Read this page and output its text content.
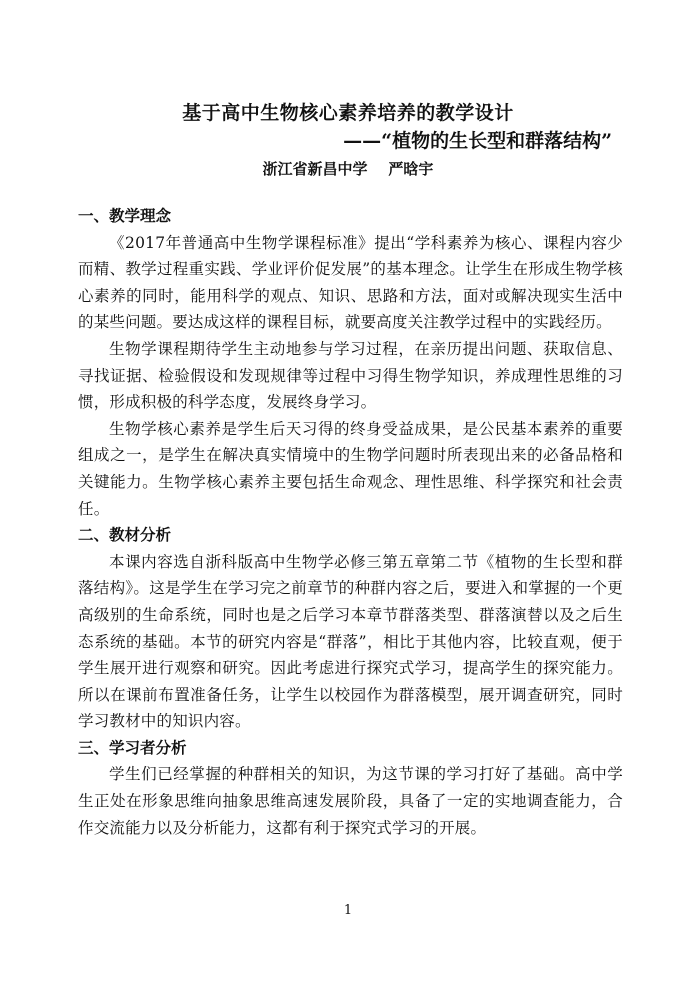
基于高中生物核心素养培养的教学设计
——“植物的生长型和群落结构”

浙江省新昌中学    严晗宇

一、教学理念

《2017年普通高中生物学课程标准》提出“学科素养为核心、课程内容少而精、教学过程重实践、学业评价促发展”的基本理念。让学生在形成生物学核心素养的同时，能用科学的观点、知识、思路和方法，面对或解决现实生活中的某些问题。要达成这样的课程目标，就要高度关注教学过程中的实践经历。

生物学课程期待学生主动地参与学习过程，在亲历提出问题、获取信息、寻找证据、检验假设和发现规律等过程中习得生物学知识，养成理性思维的习惯，形成积极的科学态度，发展终身学习。

生物学核心素养是学生后天习得的终身受益成果，是公民基本素养的重要组成之一，是学生在解决真实情境中的生物学问题时所表现出来的必备品格和关键能力。生物学核心素养主要包括生命观念、理性思维、科学探究和社会责任。

二、教材分析

本课内容选自浙科版高中生物学必修三第五章第二节《植物的生长型和群落结构》。这是学生在学习完之前章节的种群内容之后，要进入和掌握的一个更高级别的生命系统，同时也是之后学习本章节群落类型、群落演替以及之后生态系统的基础。本节的研究内容是“群落”，相比于其他内容，比较直观，便于学生展开进行观察和研究。因此考虑进行探究式学习，提高学生的探究能力。所以在课前布置准备任务，让学生以校园作为群落模型，展开调查研究，同时学习教材中的知识内容。

三、学习者分析

学生们已经掌握的种群相关的知识，为这节课的学习打好了基础。高中学生正处在形象思维向抽象思维高速发展阶段，具备了一定的实地调查能力，合作交流能力以及分析能力，这都有利于探究式学习的开展。

1
